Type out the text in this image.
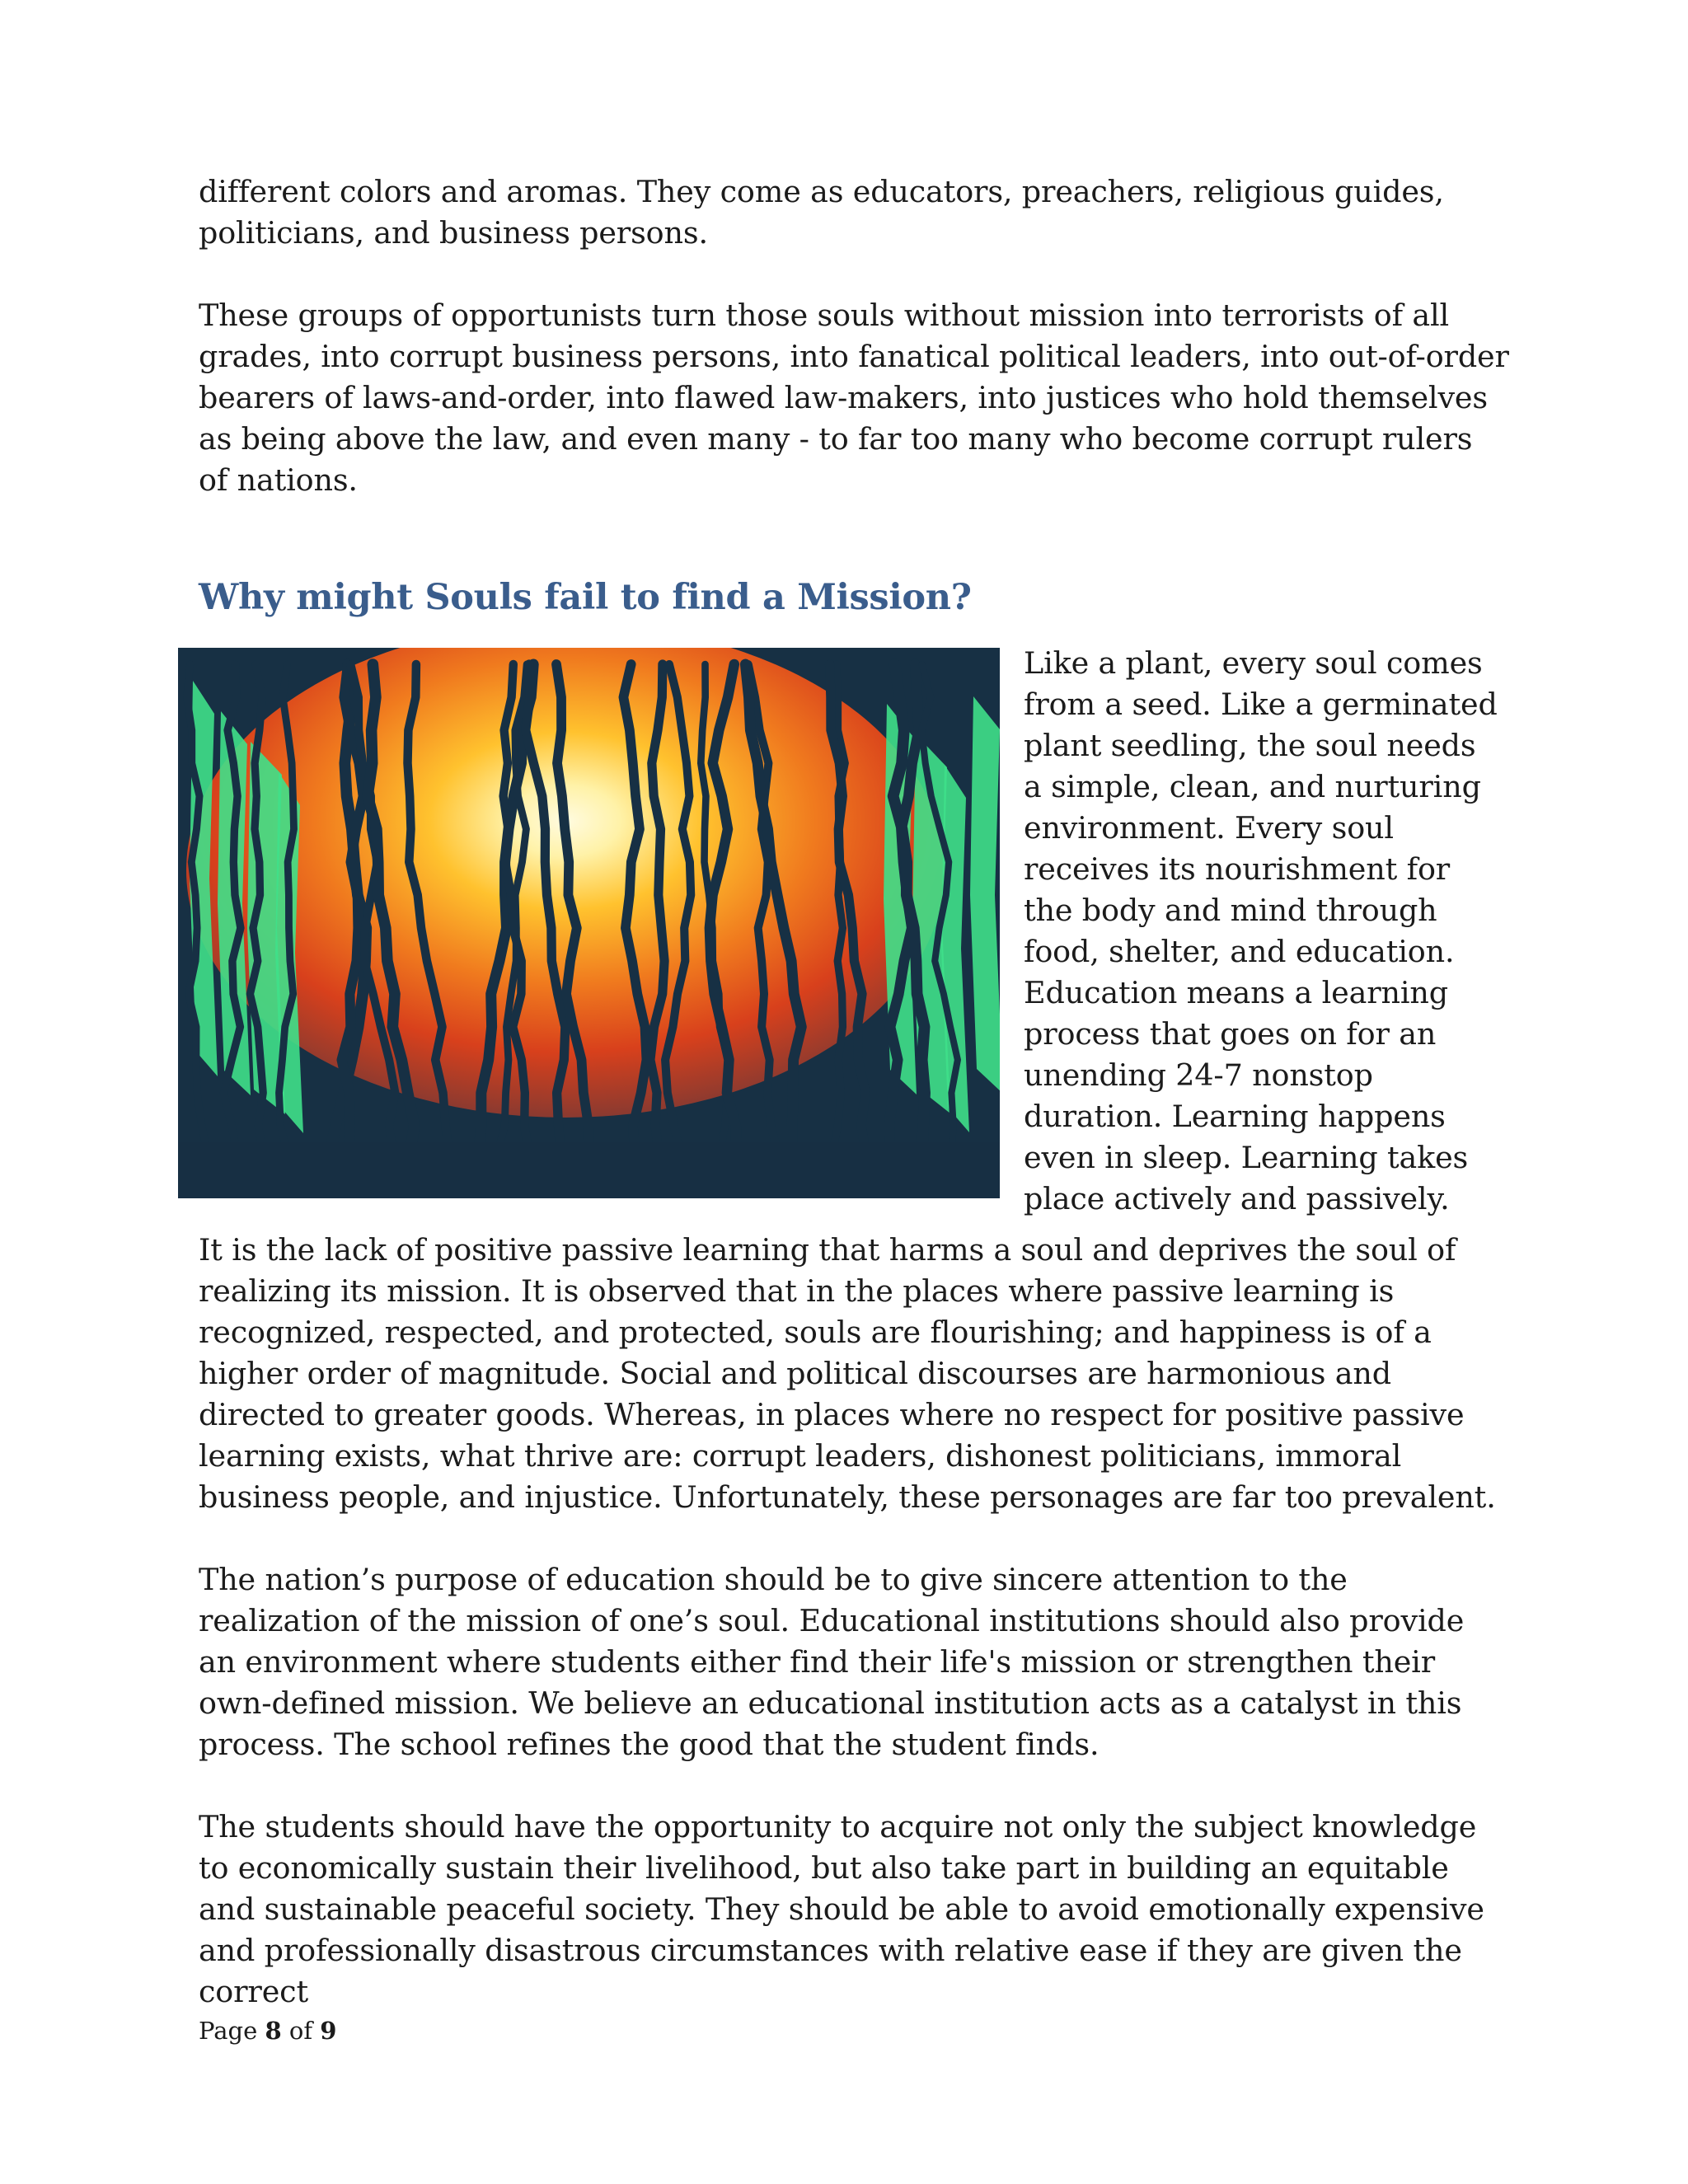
different colors and aromas. They come as educators, preachers, religious guides, politicians, and business persons.

These groups of opportunists turn those souls without mission into terrorists of all grades, into corrupt business persons, into fanatical political leaders, into out-of-order bearers of laws-and-order, into flawed law-makers, into justices who hold themselves as being above the law, and even many - to far too many who become corrupt rulers of nations.

Why might Souls fail to find a Mission?
Like a plant, every soul comes from a seed. Like a germinated plant seedling, the soul needs a simple, clean, and nurturing environment. Every soul receives its nourishment for the body and mind through food, shelter, and education. Education means a learning process that goes on for an unending 24-7 nonstop duration. Learning happens even in sleep. Learning takes place actively and passively.

It is the lack of positive passive learning that harms a soul and deprives the soul of realizing its mission. It is observed that in the places where passive learning is recognized, respected, and protected, souls are flourishing; and happiness is of a higher order of magnitude. Social and political discourses are harmonious and directed to greater goods. Whereas, in places where no respect for positive passive learning exists, what thrive are: corrupt leaders, dishonest politicians, immoral business people, and injustice. Unfortunately, these personages are far too prevalent.

The nation’s purpose of education should be to give sincere attention to the realization of the mission of one’s soul. Educational institutions should also provide an environment where students either find their life's mission or strengthen their own-defined mission. We believe an educational institution acts as a catalyst in this process. The school refines the good that the student finds.

The students should have the opportunity to acquire not only the subject knowledge to economically sustain their livelihood, but also take part in building an equitable and sustainable peaceful society. They should be able to avoid emotionally expensive and professionally disastrous circumstances with relative ease if they are given the correct

Page 8 of 9
